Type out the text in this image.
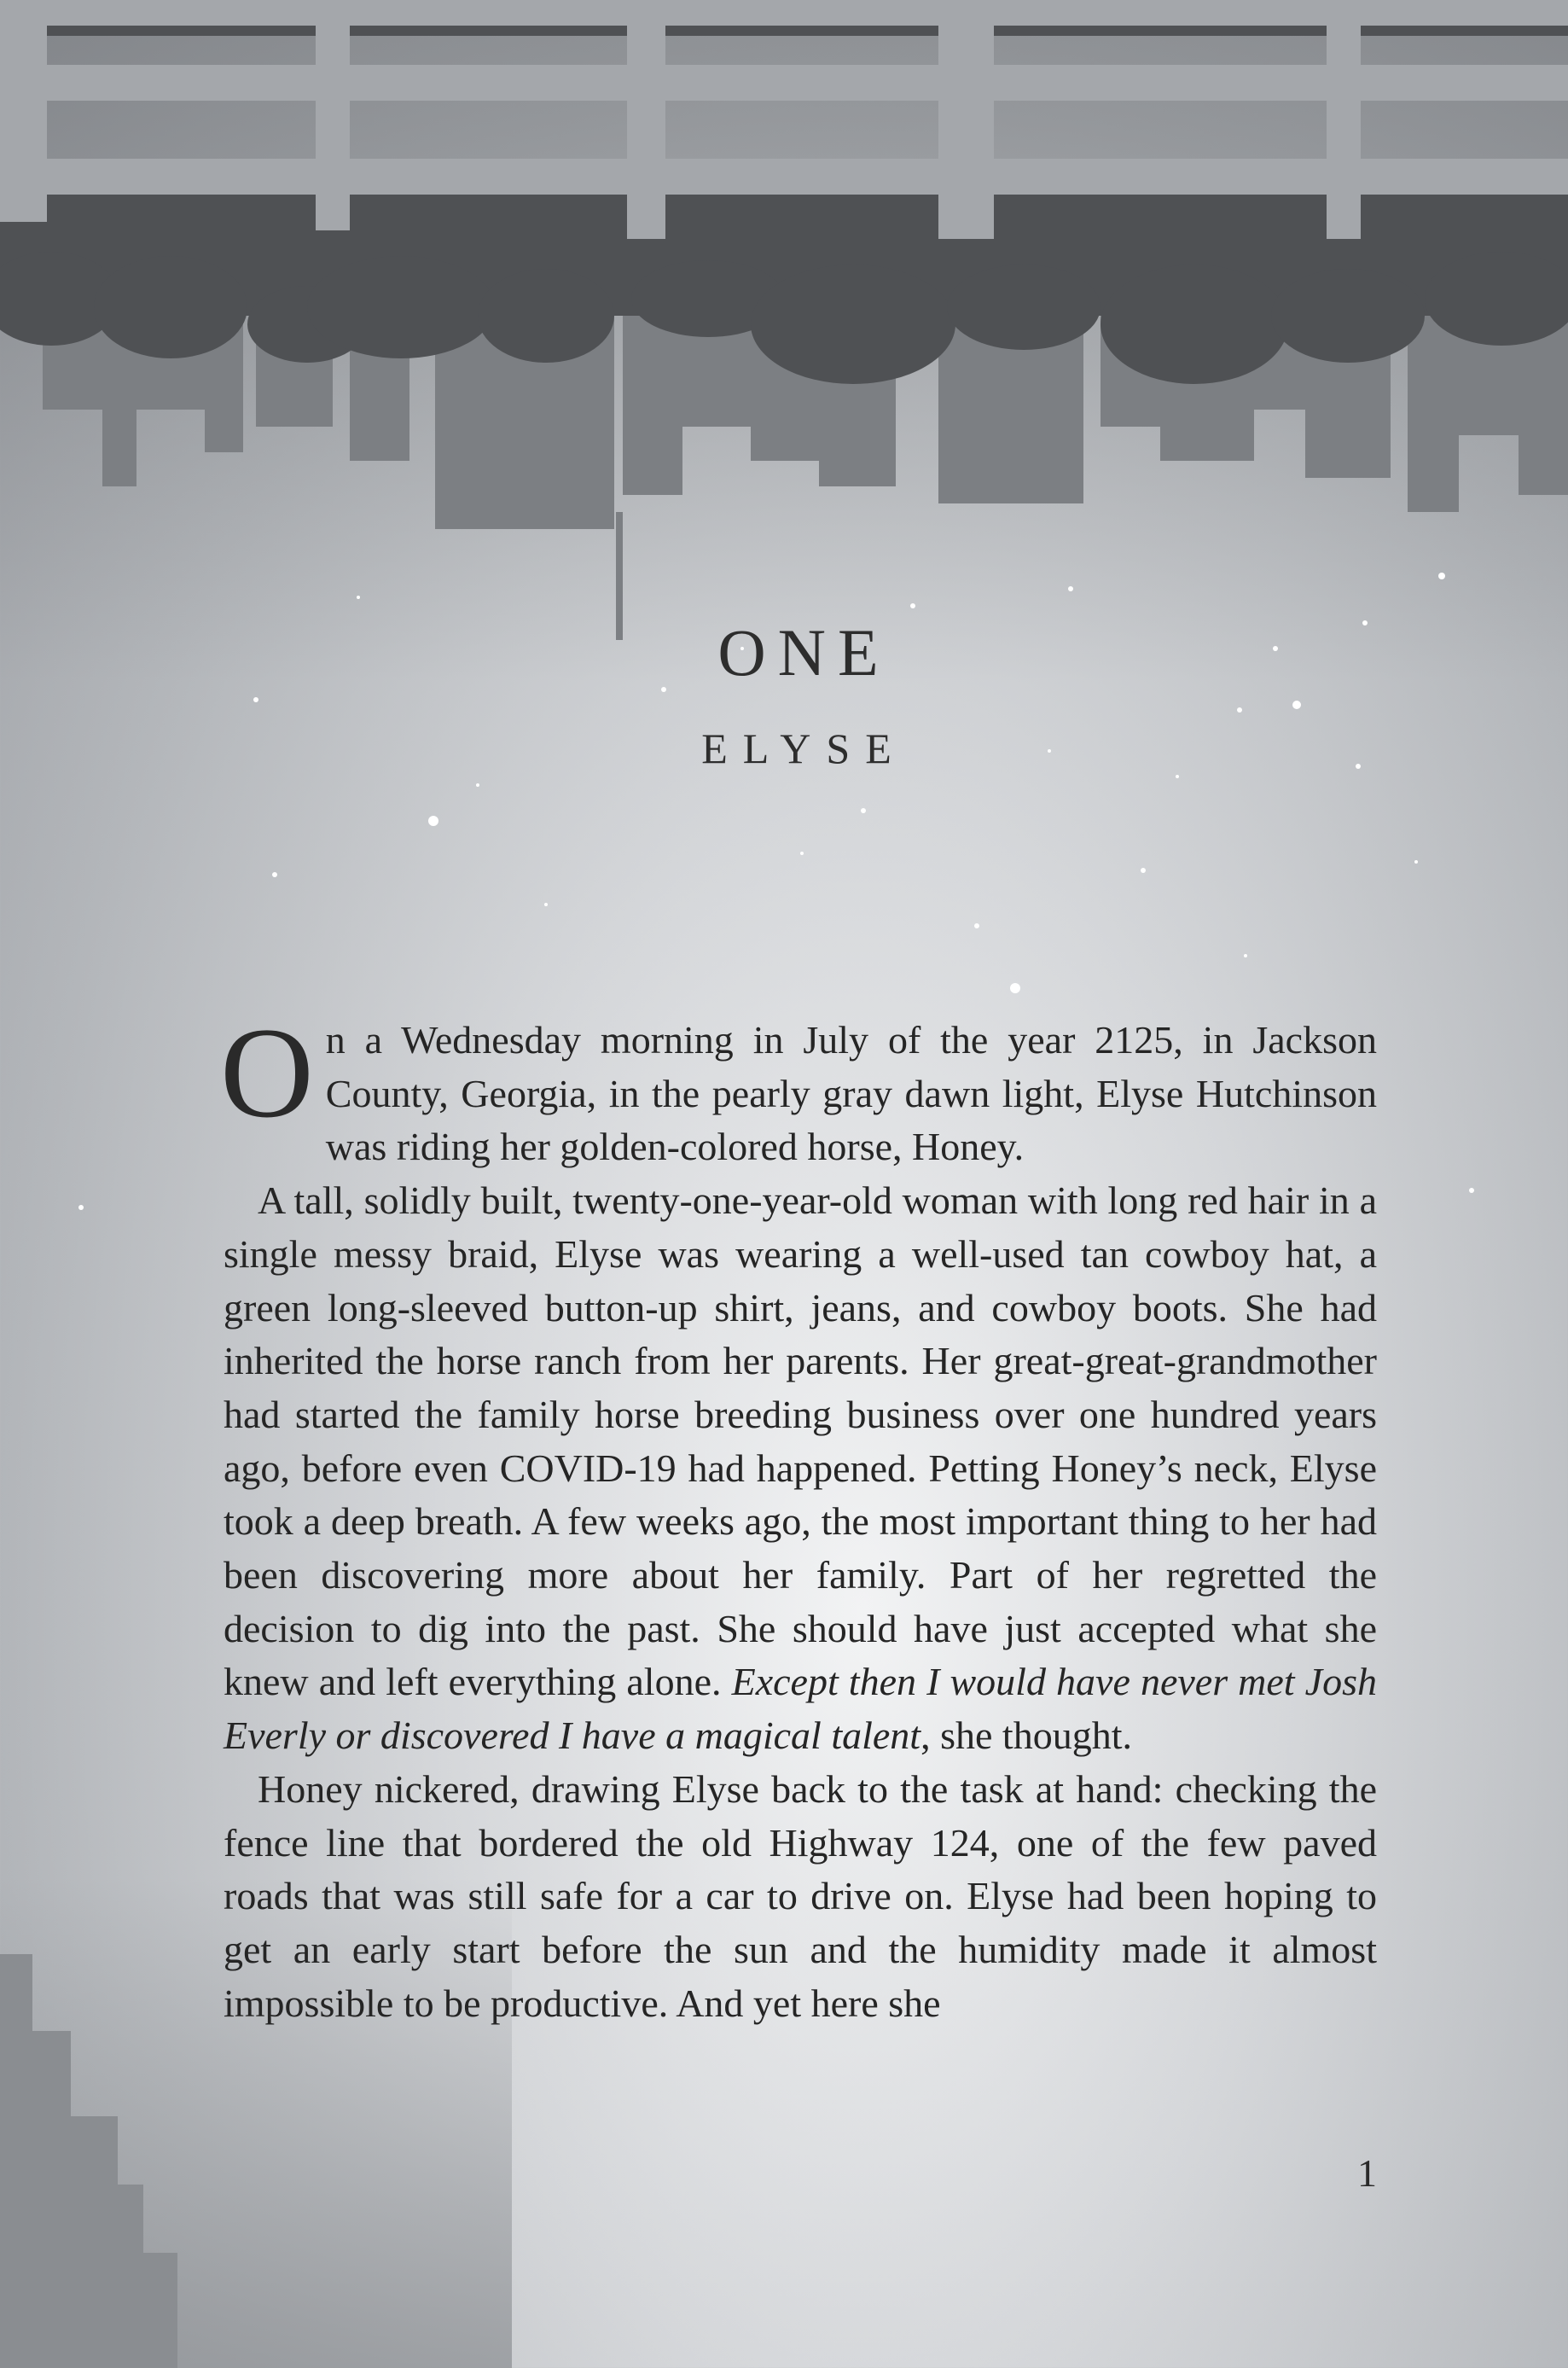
ONE
ELYSE

On a Wednesday morning in July of the year 2125, in Jackson County, Georgia, in the pearly gray dawn light, Elyse Hutchinson was riding her golden-colored horse, Honey.

A tall, solidly built, twenty-one-year-old woman with long red hair in a single messy braid, Elyse was wearing a well-used tan cowboy hat, a green long-sleeved button-up shirt, jeans, and cowboy boots. She had inherited the horse ranch from her parents. Her great-great-grandmother had started the family horse breeding business over one hundred years ago, before even COVID-19 had happened. Petting Honey’s neck, Elyse took a deep breath. A few weeks ago, the most important thing to her had been discovering more about her family. Part of her regretted the decision to dig into the past. She should have just accepted what she knew and left everything alone. Except then I would have never met Josh Everly or discovered I have a magical talent, she thought.

Honey nickered, drawing Elyse back to the task at hand: checking the fence line that bordered the old Highway 124, one of the few paved roads that was still safe for a car to drive on. Elyse had been hoping to get an early start before the sun and the humidity made it almost impossible to be productive. And yet here she

1
